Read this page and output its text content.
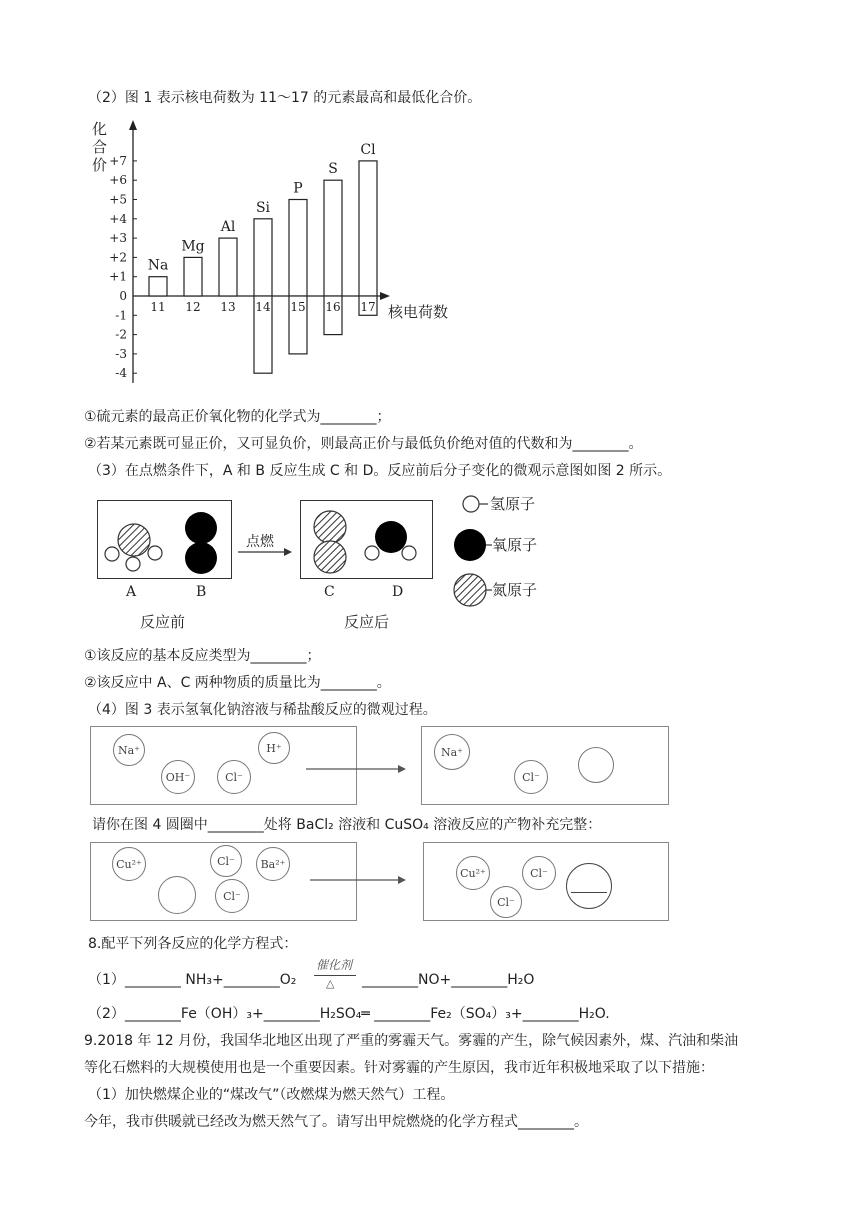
（2）图 1 表示核电荷数为 11～17 的元素最高和最低化合价。
化合价
核电荷数
+7
+6
+5
+4
+3
+2
+1
0
-1
-2
-3
-4
Na
11
Mg
12
Al
13
Si
14
P
15
S
16
Cl
17
①硫元素的最高正价氧化物的化学式为________；
②若某元素既可显正价，又可显负价，则最高正价与最低负价绝对值的代数和为________。
（3）在点燃条件下，A 和 B 反应生成 C 和 D。反应前后分子变化的微观示意图如图 2 所示。
点燃
A	B	C	D
反应前	反应后
氢原子
氧原子
氮原子
①该反应的基本反应类型为________；
②该反应中 A、C 两种物质的质量比为________。
（4）图 3 表示氢氧化钠溶液与稀盐酸反应的微观过程。
Na⁺	H⁺
OH⁻	Cl⁻
Na⁺
Cl⁻
请你在图 4 圆圈中________处将 BaCl₂ 溶液和 CuSO₄ 溶液反应的产物补充完整：
Cu²⁺	Cl⁻	Ba²⁺
Cl⁻
Cu²⁺	Cl⁻
Cl⁻
8.配平下列各反应的化学方程式：
（1）________ NH₃+________O₂
催化剂
△ ________NO+________H₂O
（2）________Fe（OH）₃+________H₂SO₄═ ________Fe₂（SO₄）₃+________H₂O.
9.2018 年 12 月份，我国华北地区出现了严重的雾霾天气。雾霾的产生，除气候因素外，煤、汽油和柴油
等化石燃料的大规模使用也是一个重要因素。针对雾霾的产生原因，我市近年积极地采取了以下措施：
（1）加快燃煤企业的“煤改气”（改燃煤为燃天然气）工程。
今年，我市供暖就已经改为燃天然气了。请写出甲烷燃烧的化学方程式________。
